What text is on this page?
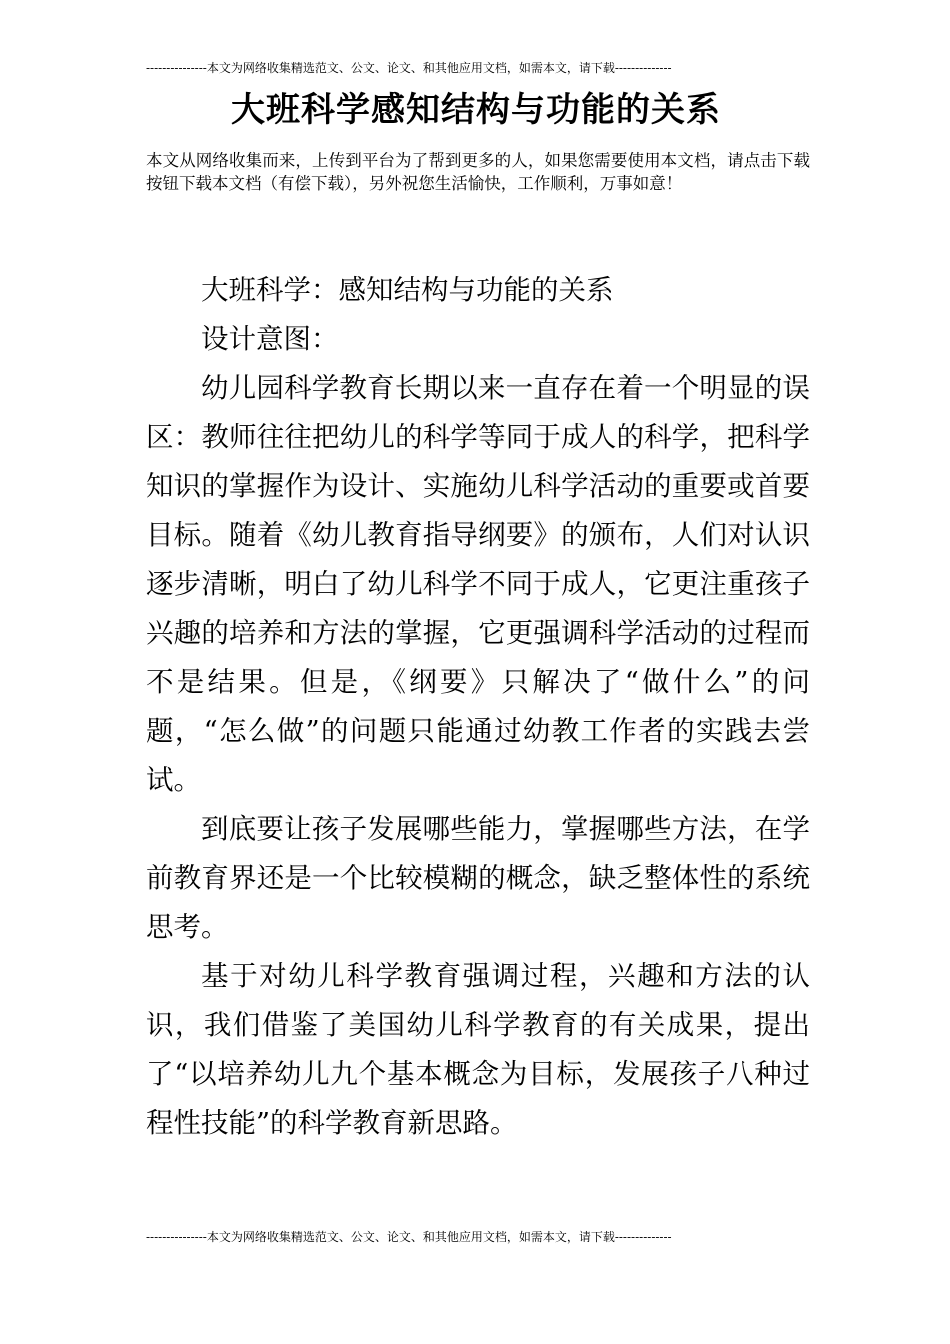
---------------本文为网络收集精选范文、公文、论文、和其他应用文档，如需本文，请下载--------------
大班科学感知结构与功能的关系

本文从网络收集而来，上传到平台为了帮到更多的人，如果您需要使用本文档，请点击下载按钮下载本文档（有偿下载），另外祝您生活愉快，工作顺利，万事如意！

大班科学：感知结构与功能的关系

设计意图：

幼儿园科学教育长期以来一直存在着一个明显的误区：教师往往把幼儿的科学等同于成人的科学，把科学知识的掌握作为设计、实施幼儿科学活动的重要或首要目标。随着《幼儿教育指导纲要》的颁布，人们对认识逐步清晰，明白了幼儿科学不同于成人，它更注重孩子兴趣的培养和方法的掌握，它更强调科学活动的过程而不是结果。但是，《纲要》只解决了“做什么”的问题，“怎么做”的问题只能通过幼教工作者的实践去尝试。

到底要让孩子发展哪些能力，掌握哪些方法，在学前教育界还是一个比较模糊的概念，缺乏整体性的系统思考。

基于对幼儿科学教育强调过程，兴趣和方法的认识，我们借鉴了美国幼儿科学教育的有关成果，提出了“以培养幼儿九个基本概念为目标，发展孩子八种过程性技能”的科学教育新思路。

---------------本文为网络收集精选范文、公文、论文、和其他应用文档，如需本文，请下载--------------
